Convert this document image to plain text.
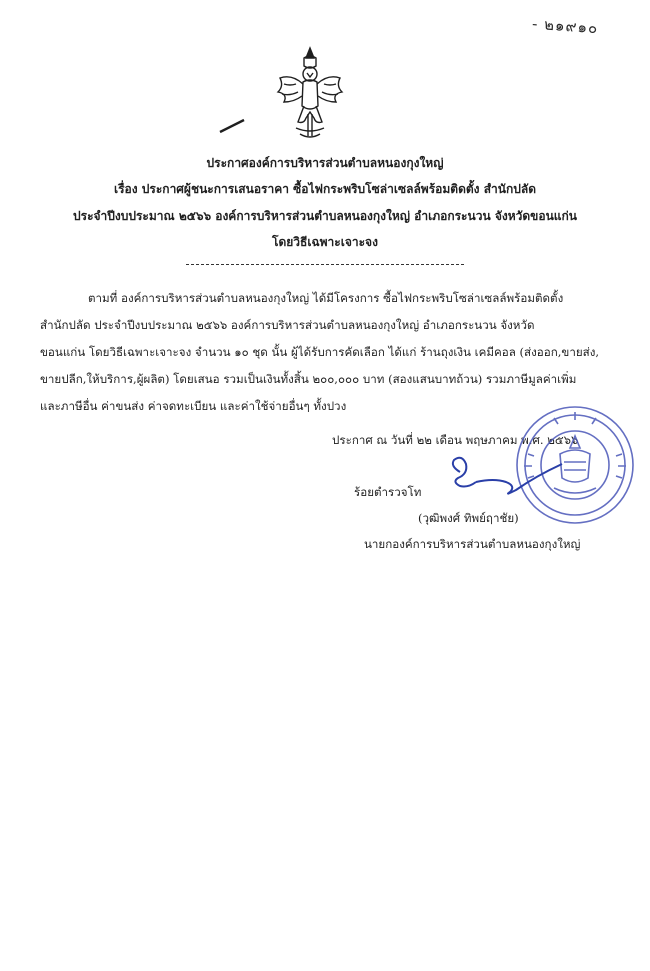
- ๒๑๙๑๐
ประกาศองค์การบริหารส่วนตำบลหนองกุงใหญ่
เรื่อง ประกาศผู้ชนะการเสนอราคา ซื้อไฟกระพริบโซล่าเซลล์พร้อมติดตั้ง สำนักปลัด
ประจำปีงบประมาณ ๒๕๖๖ องค์การบริหารส่วนตำบลหนองกุงใหญ่ อำเภอกระนวน จังหวัดขอนแก่น
โดยวิธีเฉพาะเจาะจง
ตามที่ องค์การบริหารส่วนตำบลหนองกุงใหญ่ ได้มีโครงการ ซื้อไฟกระพริบโซล่าเซลล์พร้อมติดตั้ง
สำนักปลัด ประจำปีงบประมาณ ๒๕๖๖ องค์การบริหารส่วนตำบลหนองกุงใหญ่ อำเภอกระนวน จังหวัด
ขอนแก่น โดยวิธีเฉพาะเจาะจง จำนวน ๑๐ ชุด นั้น ผู้ได้รับการคัดเลือก ได้แก่ ร้านถุงเงิน เคมีคอล (ส่งออก,ขายส่ง,
ขายปลีก,ให้บริการ,ผู้ผลิต) โดยเสนอ รวมเป็นเงินทั้งสิ้น ๒๐๐,๐๐๐ บาท (สองแสนบาทถ้วน) รวมภาษีมูลค่าเพิ่ม
และภาษีอื่น ค่าขนส่ง ค่าจดทะเบียน และค่าใช้จ่ายอื่นๆ ทั้งปวง
ประกาศ ณ วันที่ ๒๒ เดือน พฤษภาคม พ.ศ. ๒๕๖๖
ร้อยตำรวจโท
(วุฒิพงศ์ ทิพย์ฤาชัย)
นายกองค์การบริหารส่วนตำบลหนองกุงใหญ่
